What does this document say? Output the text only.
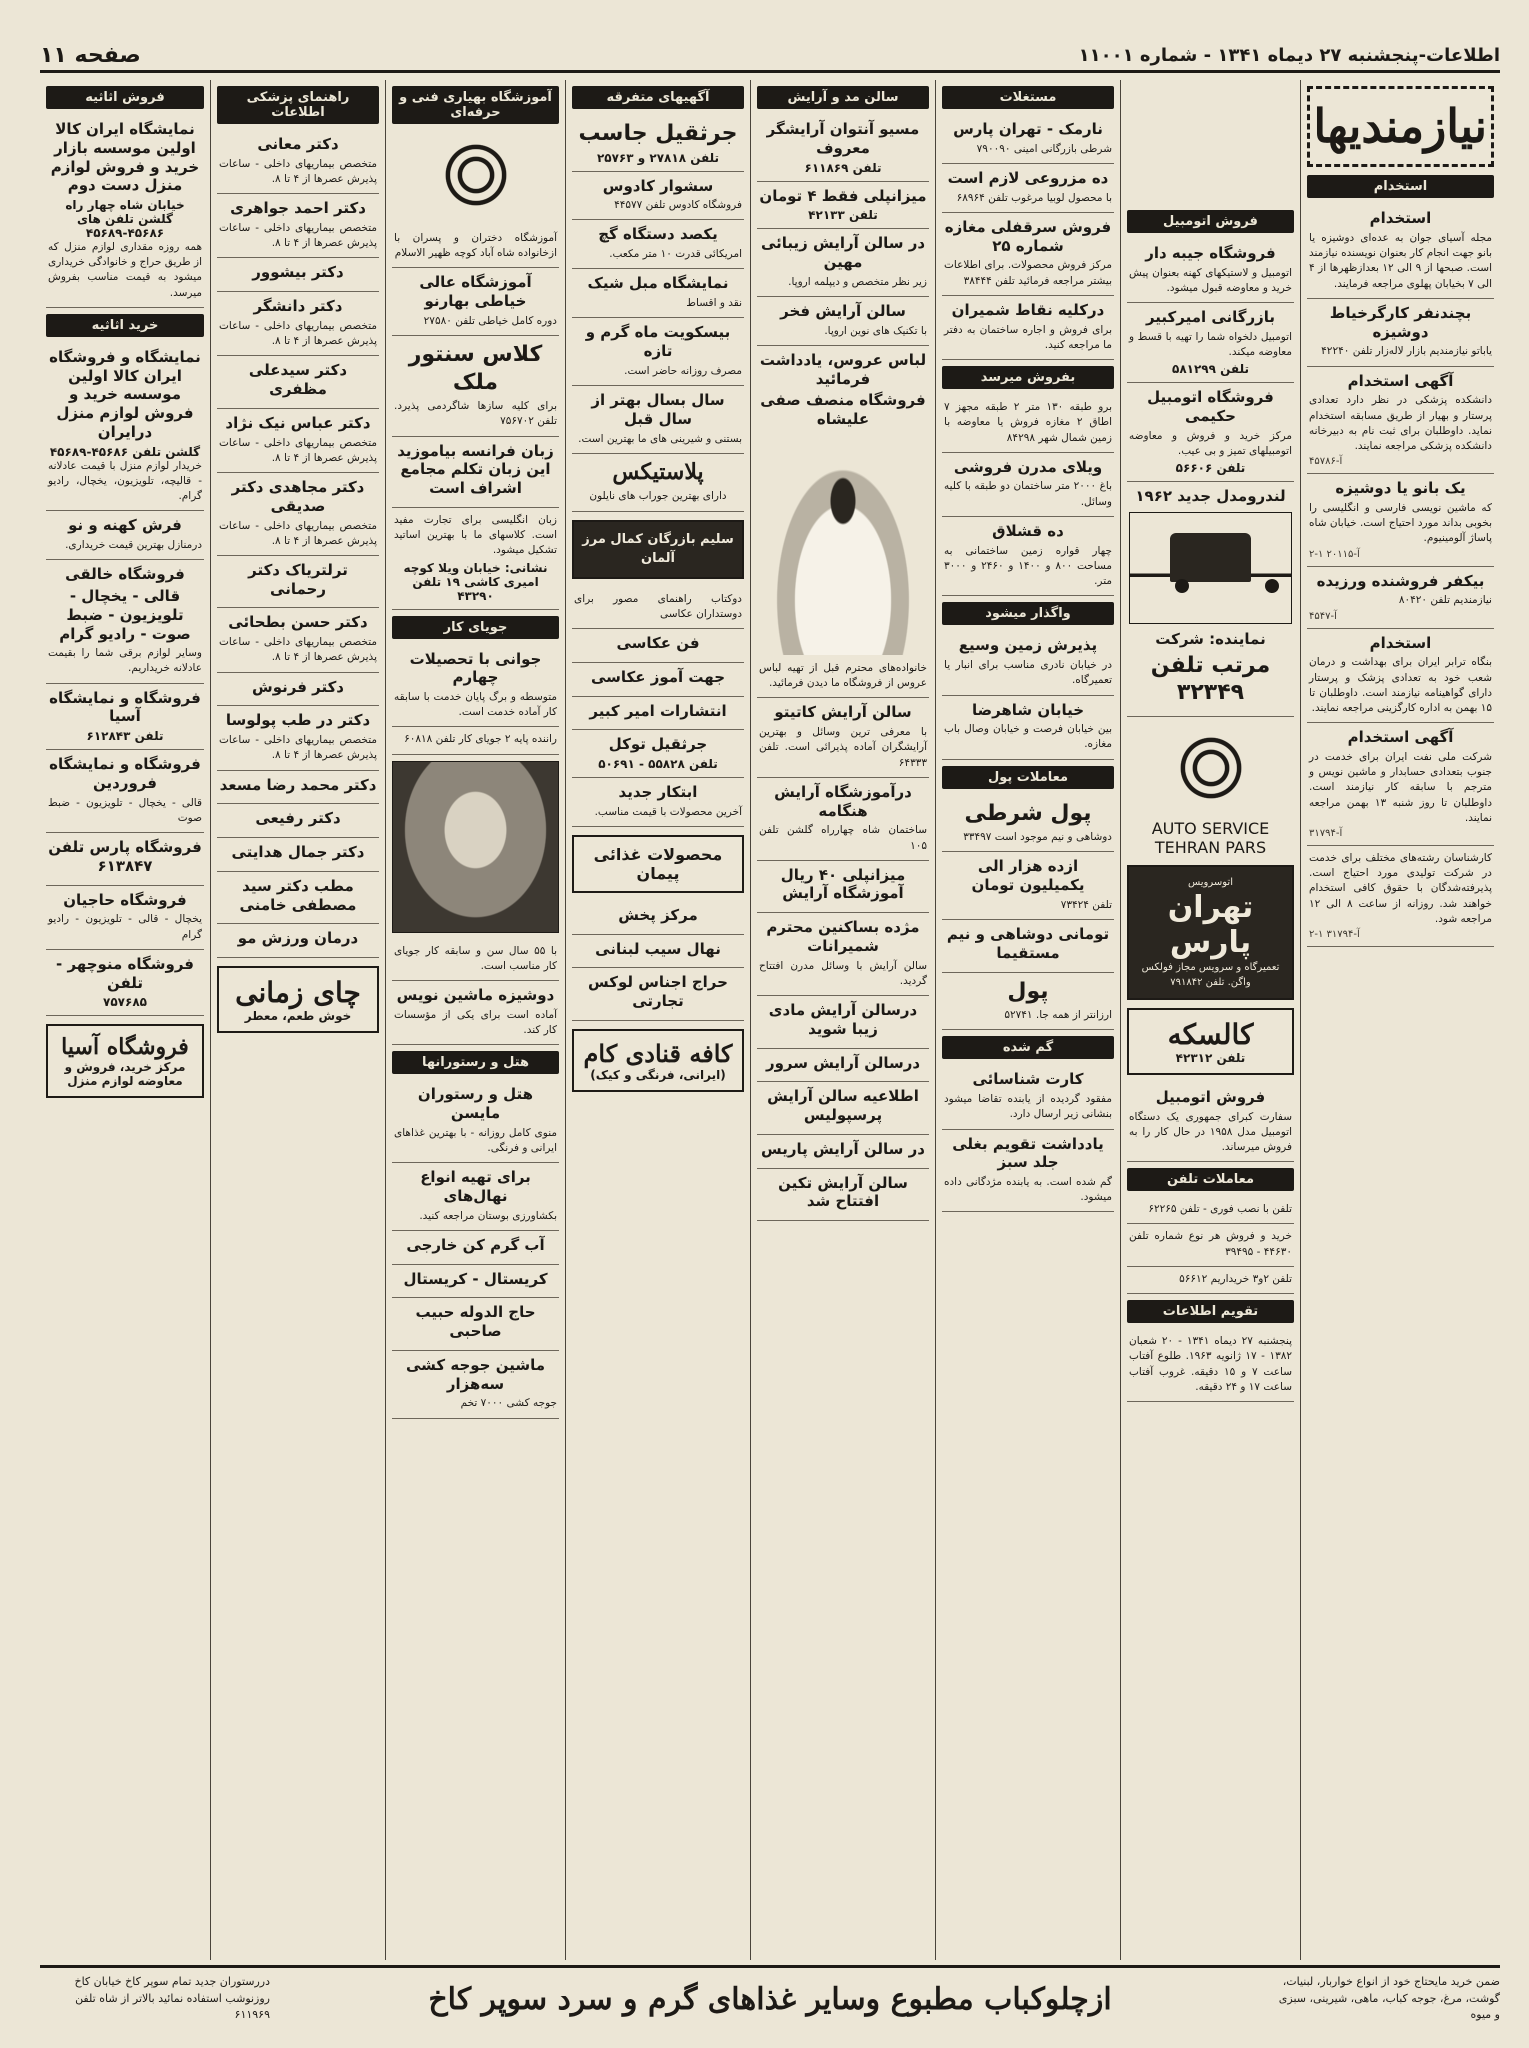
اطلاعات-پنجشنبه ۲۷ دیماه ۱۳۴۱ - شماره ۱۱۰۰۱
صفحه ۱۱
نیازمندیها
استخدام
استخدام

مجله آسیای جوان به عده‌ای دوشیزه یا بانو جهت انجام کار بعنوان نویسنده نیازمند است. صبحها از ۹ الی ۱۲ بعدازظهرها از ۴ الی ۷ بخیابان پهلوی مراجعه فرمایند.

بچندنفر کارگرخیاط دوشیزه

یاباتو نیازمندیم بازار لاله‌زار تلفن ۴۲۲۴۰

آگهی استخدام

دانشکده پزشکی در نظر دارد تعدادی پرستار و بهیار از طریق مسابقه استخدام نماید. داوطلبان برای ثبت نام به دبیرخانه دانشکده پزشکی مراجعه نمایند.

آ-۴۵۷۸۶
یک بانو یا دوشیزه

که ماشین نویسی فارسی و انگلیسی را بخوبی بداند مورد احتیاج است. خیابان شاه پاساژ آلومینیوم.

۲-۱ آ-۲۰۱۱۵
بیکفر فروشنده ورزیده

نیازمندیم تلفن ۸۰۴۲۰

آ-۴۵۴۷
استخدام

بنگاه ترابر ایران برای بهداشت و درمان شعب خود به تعدادی پزشک و پرستار دارای گواهینامه نیازمند است. داوطلبان تا ۱۵ بهمن به اداره کارگزینی مراجعه نمایند.

آگهی استخدام

شرکت ملی نفت ایران برای خدمت در جنوب بتعدادی حسابدار و ماشین نویس و مترجم با سابقه کار نیازمند است. داوطلبان تا روز شنبه ۱۳ بهمن مراجعه نمایند.

آ-۳۱۷۹۴

کارشناسان رشته‌های مختلف برای خدمت در شرکت تولیدی مورد احتیاج است. پذیرفته‌شدگان با حقوق کافی استخدام خواهند شد. روزانه از ساعت ۸ الی ۱۲ مراجعه شود.

۲-۱ آ-۳۱۷۹۴
فروش اتومبیل
فروشگاه جیبه دار

اتومبیل و لاستیکهای کهنه بعنوان پیش خرید و معاوضه قبول میشود.

بازرگانی امیرکبیر

اتومبیل دلخواه شما را تهیه با قسط و معاوضه میکند.

تلفن ۵۸۱۲۹۹
فروشگاه اتومبیل حکیمی

مرکز خرید و فروش و معاوضه اتومبیلهای تمیز و بی عیب.

تلفن ۵۶۶۰۶
لندرومدل جدید ۱۹۶۲
نماینده: شرکت
مرتب تلفن ۳۲۳۴۹
AUTO SERVICE TEHRAN PARS
اتوسرویس
تهران پارس
تعمیرگاه و سرویس مجاز فولکس واگن. تلفن ۷۹۱۸۴۲
کالسکه
تلفن ۴۲۳۱۲
فروش اتومبیل

سفارت کبرای جمهوری یک دستگاه اتومبیل مدل ۱۹۵۸ در حال کار را به فروش میرساند.

معاملات تلفن

تلفن با نصب فوری - تلفن ۶۲۲۶۵

خرید و فروش هر نوع شماره تلفن ۴۴۶۳۰ - ۳۹۴۹۵

تلفن ۲و۳ خریداریم ۵۶۶۱۲

تقویم اطلاعات

پنجشنبه ۲۷ دیماه ۱۳۴۱ - ۲۰ شعبان ۱۳۸۲ - ۱۷ ژانویه ۱۹۶۳. طلوع آفتاب ساعت ۷ و ۱۵ دقیقه. غروب آفتاب ساعت ۱۷ و ۲۴ دقیقه.

مستغلات
نارمک - تهران پارس

شرطی بازرگانی امینی ۷۹۰۰۹۰

ده مزروعی لازم است

با محصول لوبیا مرغوب تلفن ۶۸۹۶۴

فروش سرقفلی مغازه شماره ۲۵

مرکز فروش محصولات. برای اطلاعات بیشتر مراجعه فرمائید تلفن ۳۸۴۴۴

درکلیه نقاط شمیران

برای فروش و اجاره ساختمان به دفتر ما مراجعه کنید.

بفروش میرسد

برو طبقه ۱۳۰ متر ۲ طبقه مجهز ۷ اطاق ۲ مغازه فروش یا معاوضه با زمین شمال شهر ۸۴۲۹۸

ویلای مدرن فروشی

باغ ۲۰۰۰ متر ساختمان دو طبقه با کلیه وسائل.

ده قشلاق

چهار قواره زمین ساختمانی به مساحت ۸۰۰ و ۱۴۰۰ و ۲۴۶۰ و ۳۰۰۰ متر.

واگذار میشود
پذیرش زمین وسیع

در خیابان نادری مناسب برای انبار یا تعمیرگاه.

خیابان شاهرضا

بین خیابان فرصت و خیابان وصال باب مغازه.

معاملات پول
پول شرطی

دوشاهی و نیم موجود است ۳۳۴۹۷

ازده هزار الی یکمیلیون تومان

تلفن ۷۳۴۲۴

تومانی دوشاهی و نیم مستقیما
پول

ارزانتر از همه جا. ۵۲۷۴۱

گم شده
کارت شناسائی

مفقود گردیده از یابنده تقاضا میشود بنشانی زیر ارسال دارد.

یادداشت تقویم بغلی جلد سبز

گم شده است. به یابنده مژدگانی داده میشود.

سالن مد و آرایش
مسیو آنتوان آرایشگر معروف
تلفن ۶۱۱۸۶۹
میزانپلی فقط ۴ تومان
تلفن ۴۲۱۳۳
در سالن آرایش زیبائی مهین

زیر نظر متخصص و دیپلمه اروپا.

سالن آرایش فخر

با تکنیک های نوین اروپا.

لباس عروس، یادداشت فرمائید
فروشگاه منصف صفی علیشاه

خانواده‌های محترم قبل از تهیه لباس عروس از فروشگاه ما دیدن فرمائید.

سالن آرایش کاتیتو

با معرفی ترین وسائل و بهترین آرایشگران آماده پذیرائی است. تلفن ۶۴۳۳۳

درآموزشگاه آرایش هنگامه

ساختمان شاه چهارراه گلشن تلفن ۱۰۵

میزانپلی ۴۰ ریال آموزشگاه آرایش
مژده بساکنین محترم شمیرانات

سالن آرایش با وسائل مدرن افتتاح گردید.

درسالن آرایش مادی زیبا شوید
درسالن آرایش سرور
اطلاعیه سالن آرایش پرسپولیس
در سالن آرایش پاریس
سالن آرایش تکین افتتاح شد
آگهیهای متفرقه
جرثقیل جاسب
تلفن ۲۷۸۱۸ و ۲۵۷۶۳
سشوار کادوس

فروشگاه کادوس تلفن ۴۴۵۷۷

یکصد دستگاه گچ

امریکائی قدرت ۱۰ متر مکعب.

نمایشگاه مبل شیک

نقد و اقساط

بیسکویت ماه گرم و تازه

مصرف روزانه حاضر است.

سال بسال بهتر از سال قبل

بستنی و شیرینی های ما بهترین است.

پلاستیکس

دارای بهترین جوراب های نایلون

سلیم بازرگان کمال مرز آلمان

دوکتاب راهنمای مصور برای دوستداران عکاسی

فن عکاسی
جهت آموز عکاسی
انتشارات امیر کبیر
جرثقیل توکل
تلفن ۵۵۸۲۸ - ۵۰۶۹۱
ابتکار جدید

آخرین محصولات با قیمت مناسب.

محصولات غذائی پیمان
مرکز پخش
نهال سیب لبنانی
حراج اجناس لوکس تجارتی
کافه قنادی کام
(ایرانی، فرنگی و کیک)
آموزشگاه بهیاری فنی و حرفه‌ای

آموزشگاه دختران و پسران با ازخانواده شاه آباد کوچه ظهیر الاسلام

آموزشگاه عالی خیاطی بهارنو

دوره کامل خیاطی تلفن ۲۷۵۸۰

کلاس سنتور ملک

برای کلیه سازها شاگردمی پذیرد. تلفن ۷۵۶۷۰۲

زبان فرانسه بیاموزید این زبان تکلم مجامع اشراف است

زبان انگلیسی برای تجارت مفید است. کلاسهای ما با بهترین اساتید تشکیل میشود.

نشانی: خیابان ویلا کوچه امیری کاشی ۱۹ تلفن ۴۳۲۹۰
جویای کار
جوانی با تحصیلات چهارم

متوسطه و برگ پایان خدمت با سابقه کار آماده خدمت است.

راننده پایه ۲ جویای کار تلفن ۶۰۸۱۸

با ۵۵ سال سن و سابقه کار جویای کار مناسب است.

دوشیزه ماشین نویس

آماده است برای یکی از مؤسسات کار کند.

هتل و رستورانها
هتل و رستوران مایسن

منوی کامل روزانه - با بهترین غذاهای ایرانی و فرنگی.

برای تهیه انواع نهال‌های

بکشاورزی بوستان مراجعه کنید.

آب گرم کن خارجی
کریستال - کریستال
حاج الدوله حبیب صاحبی
ماشین جوجه کشی سه‌هزار

جوجه کشی ۷۰۰۰ تخم

راهنمای پزشکی اطلاعات
دکتر معانی

متخصص بیماریهای داخلی - ساعات پذیرش عصرها از ۴ تا ۸.

دکتر احمد جواهری

متخصص بیماریهای داخلی - ساعات پذیرش عصرها از ۴ تا ۸.

دکتر بیشوور
دکتر دانشگر

متخصص بیماریهای داخلی - ساعات پذیرش عصرها از ۴ تا ۸.

دکتر سیدعلی مظفری
دکتر عباس نیک نژاد

متخصص بیماریهای داخلی - ساعات پذیرش عصرها از ۴ تا ۸.

دکتر مجاهدی دکتر صدیقی

متخصص بیماریهای داخلی - ساعات پذیرش عصرها از ۴ تا ۸.

ترلتریاک دکتر رحمانی
دکتر حسن بطحائی

متخصص بیماریهای داخلی - ساعات پذیرش عصرها از ۴ تا ۸.

دکتر فرنوش
دکتر در طب پولوسا

متخصص بیماریهای داخلی - ساعات پذیرش عصرها از ۴ تا ۸.

دکتر محمد رضا مسعد
دکتر رفیعی
دکتر جمال هدایتی
مطب دکتر سید مصطفی خامنی
درمان ورزش مو
چای زمانی
خوش طعم، معطر
فروش اثاثیه
نمایشگاه ایران کالا اولین موسسه بازار خرید و فروش لوازم منزل دست دوم
خیابان شاه چهار راه گلشن تلفن های ۴۵۶۸۶-۴۵۶۸۹

همه روزه مقداری لوازم منزل که از طریق حراج و خانوادگی خریداری میشود به قیمت مناسب بفروش میرسد.

خرید اثاثیه
نمایشگاه و فروشگاه ایران کالا اولین موسسه خرید و فروش لوازم منزل درایران
گلشن تلفن ۴۵۶۸۶-۴۵۶۸۹

خریدار لوازم منزل با قیمت عادلانه - قالیچه، تلویزیون، یخچال، رادیو گرام.

فرش کهنه و نو

درمنازل بهترین قیمت خریداری.

فروشگاه خالقی
قالی - یخچال - تلویزیون - ضبط صوت - رادیو گرام

وسایر لوازم برقی شما را بقیمت عادلانه خریداریم.

فروشگاه و نمایشگاه آسیا
تلفن ۶۱۲۸۴۳
فروشگاه و نمایشگاه فروردین

قالی - یخچال - تلویزیون - ضبط صوت

فروشگاه پارس تلفن ۶۱۳۸۴۷
فروشگاه حاجیان

یخچال - قالی - تلویزیون - رادیو گرام

فروشگاه منوچهر - تلفن
۷۵۷۶۸۵
فروشگاه آسیا
مرکز خرید، فروش و معاوضه لوازم منزل
ضمن خرید مایحتاج خود از انواع خواربار، لبنیات، گوشت، مرغ، جوجه کباب، ماهی، شیرینی، سبزی و میوه
ازچلوکباب مطبوع وسایر غذاهای گرم و سرد سوپر کاخ
دررستوران جدید تمام سوپر کاخ خیابان کاخ روزنوشب استفاده نمائید بالاتر از شاه تلفن ۶۱۱۹۶۹
